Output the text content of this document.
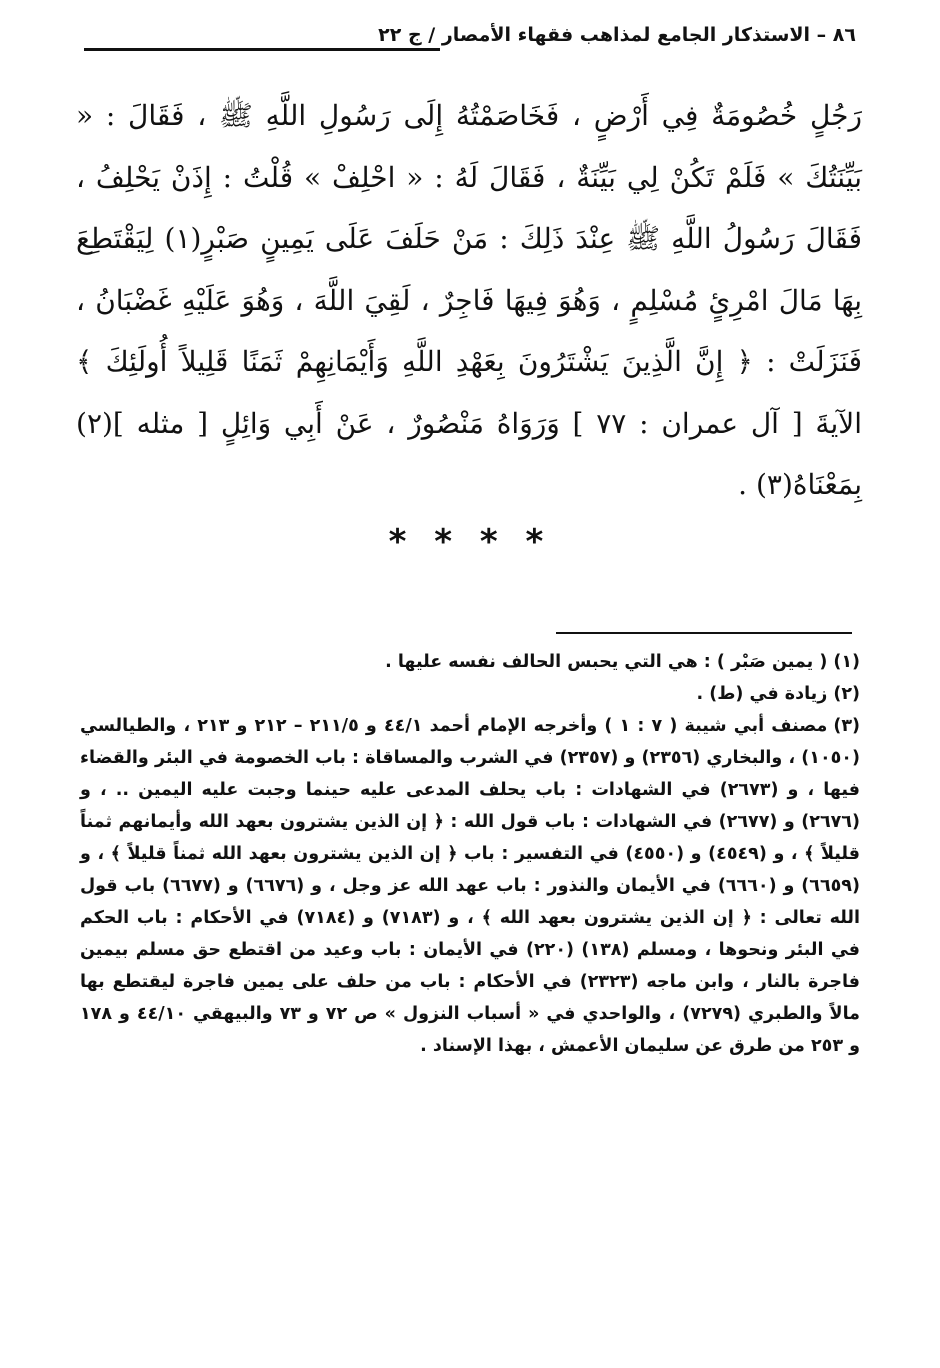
٨٦ – الاستذكار الجامع لمذاهب فقهاء الأمصار / ج ٢٢

رَجُلٍ خُصُومَةٌ فِي أَرْضٍ ، فَخَاصَمْتُهُ إِلَى رَسُولِ اللَّهِ ﷺ ، فَقَالَ : « بَيِّنَتُكَ » فَلَمْ تَكُنْ لِي بَيِّنَةٌ ، فَقَالَ لَهُ : « احْلِفْ » قُلْتُ : إِذَنْ يَحْلِفُ ، فَقَالَ رَسُولُ اللَّهِ ﷺ عِنْدَ ذَلِكَ : مَنْ حَلَفَ عَلَى يَمِينٍ صَبْرٍ(١) لِيَقْتَطِعَ بِهَا مَالَ امْرِئٍ مُسْلِمٍ ، وَهُوَ فِيهَا فَاجِرٌ ، لَقِيَ اللَّهَ ، وَهُوَ عَلَيْهِ غَضْبَانُ ، فَنَزَلَتْ : ﴿ إِنَّ الَّذِينَ يَشْتَرُونَ بِعَهْدِ اللَّهِ وَأَيْمَانِهِمْ ثَمَنًا قَلِيلاً أُولَئِكَ ﴾ الآيةَ [ آل عمران : ٧٧ ] وَرَوَاهُ مَنْصُورٌ ، عَنْ أَبِي وَائِلٍ [ مثله ](٢) بِمَعْنَاهُ(٣) .

* * * *

(١)( يمين صَبْر ) : هي التي يحبس الحالف نفسه عليها .

(٢)زيادة في (ط) .

(٣)مصنف أبي شيبة ( ٧ : ١ ) وأخرجه الإمام أحمد ٤٤/١ و ٢١١/٥ – ٢١٢ و ٢١٣ ، والطيالسي (١٠٥٠) ، والبخاري (٢٣٥٦) و (٢٣٥٧) في الشرب والمساقاة : باب الخصومة في البئر والقضاء فيها ، و (٢٦٧٣) في الشهادات : باب يحلف المدعى عليه حينما وجبت عليه اليمين .. ، و (٢٦٧٦) و (٢٦٧٧) في الشهادات : باب قول الله : ﴿ إن الذين يشترون بعهد الله وأيمانهم ثمناً قليلاً ﴾ ، و (٤٥٤٩) و (٤٥٥٠) في التفسير : باب ﴿ إن الذين يشترون بعهد الله ثمناً قليلاً ﴾ ، و (٦٦٥٩) و (٦٦٦٠) في الأيمان والنذور : باب عهد الله عز وجل ، و (٦٦٧٦) و (٦٦٧٧) باب قول الله تعالى : ﴿ إن الذين يشترون بعهد الله ﴾ ، و (٧١٨٣) و (٧١٨٤) في الأحكام : باب الحكم في البئر ونحوها ، ومسلم (١٣٨) (٢٢٠) في الأيمان : باب وعيد من اقتطع حق مسلم بيمين فاجرة بالنار ، وابن ماجه (٢٣٢٣) في الأحكام : باب من حلف على يمين فاجرة ليقتطع بها مالاً والطبري (٧٢٧٩) ، والواحدي في « أسباب النزول » ص ٧٢ و ٧٣ والبيهقي ٤٤/١٠ و ١٧٨ و ٢٥٣ من طرق عن سليمان الأعمش ، بهذا الإسناد .
